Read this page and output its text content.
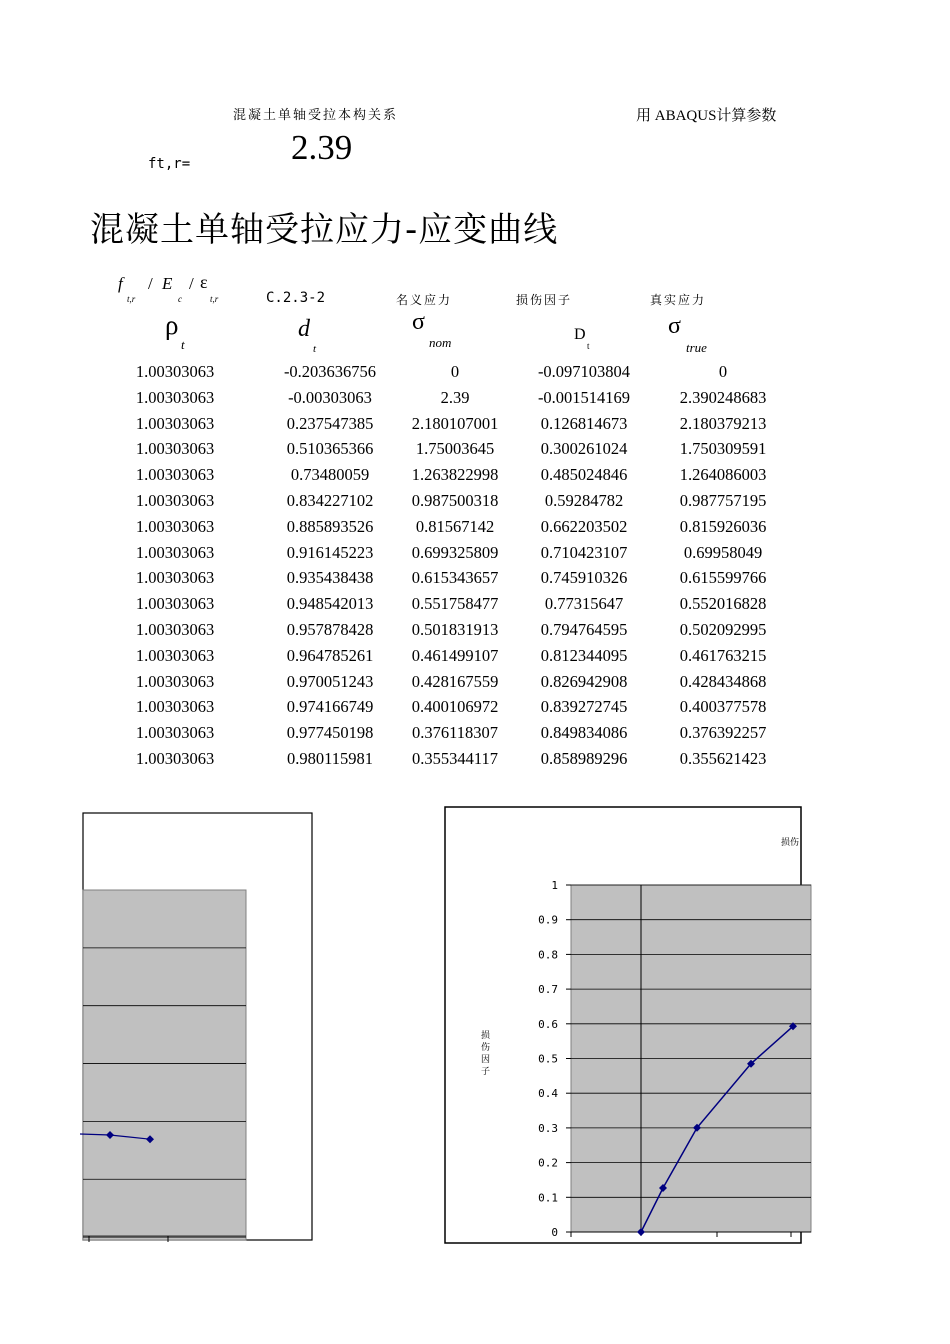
混凝土单轴受拉本构关系	用 ABAQUS计算参数
ft,r=	2.39
混凝土单轴受拉应力-应变曲线
f
t,r
/ E
c
/ ε
t,r	C.2.3-2	名义应力	损伤因子	真实应力
ρ
t
d
t
σ
nom	D
t
σ
true
1.00303063	-0.203636756	0	-0.097103804	0
1.00303063	-0.00303063	2.39	-0.001514169	2.390248683
1.00303063	0.237547385	2.180107001	0.126814673	2.180379213
1.00303063	0.510365366	1.75003645	0.300261024	1.750309591
1.00303063	0.73480059	1.263822998	0.485024846	1.264086003
1.00303063	0.834227102	0.987500318	0.59284782	0.987757195
1.00303063	0.885893526	0.81567142	0.662203502	0.815926036
1.00303063	0.916145223	0.699325809	0.710423107	0.69958049
1.00303063	0.935438438	0.615343657	0.745910326	0.615599766
1.00303063	0.948542013	0.551758477	0.77315647	0.552016828
1.00303063	0.957878428	0.501831913	0.794764595	0.502092995
1.00303063	0.964785261	0.461499107	0.812344095	0.461763215
1.00303063	0.970051243	0.428167559	0.826942908	0.428434868
1.00303063	0.974166749	0.400106972	0.839272745	0.400377578
1.00303063	0.977450198	0.376118307	0.849834086	0.376392257
1.00303063	0.980115981	0.355344117	0.858989296	0.355621423
损伤
损
伤
因
子
0
0.1
0.2
0.3
0.4
0.5
0.6
0.7
0.8
0.9
1
